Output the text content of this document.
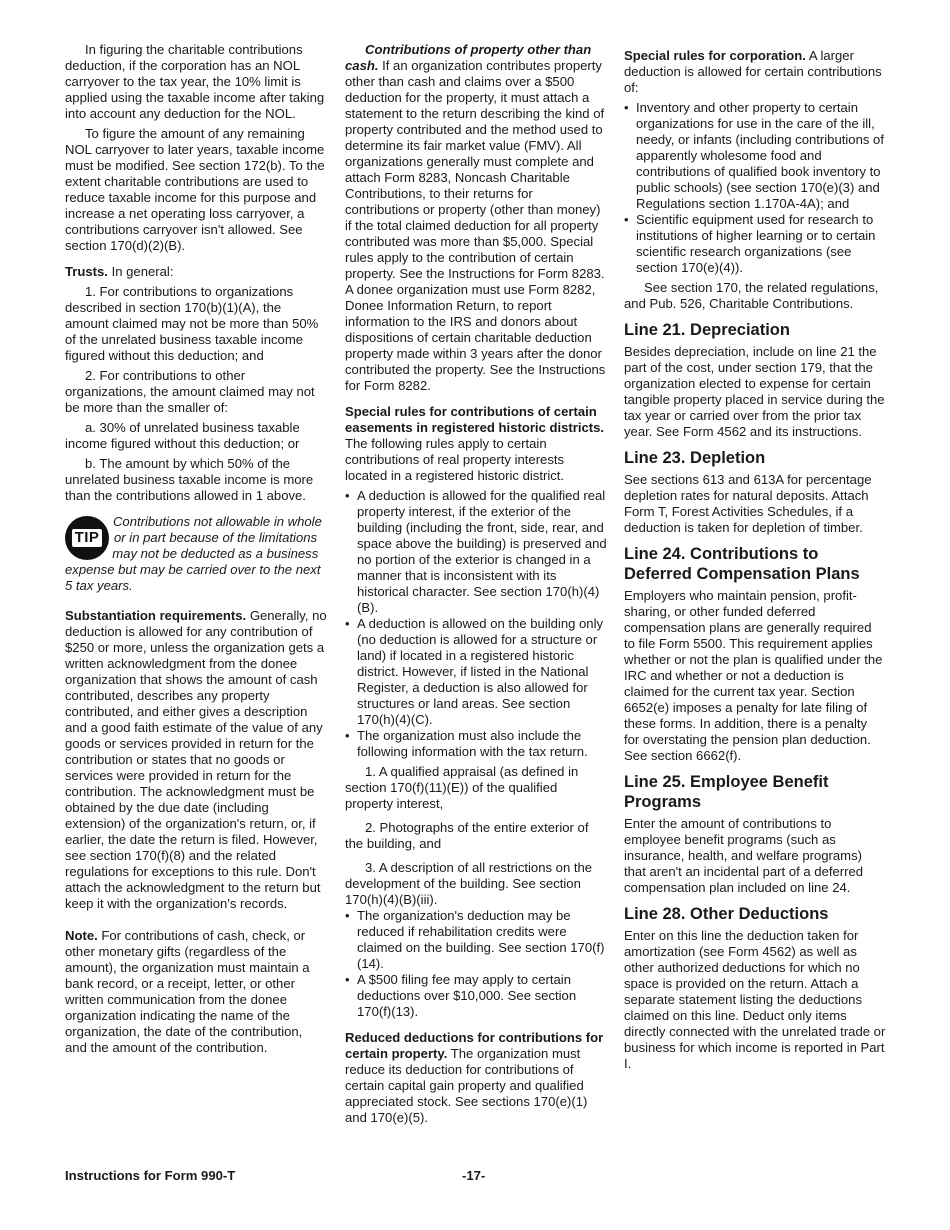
In figuring the charitable contributions deduction, if the corporation has an NOL carryover to the tax year, the 10% limit is applied using the taxable income after taking into account any deduction for the NOL.

To figure the amount of any remaining NOL carryover to later years, taxable income must be modified. See section 172(b). To the extent charitable contributions are used to reduce taxable income for this purpose and increase a net operating loss carryover, a contributions carryover isn't allowed. See section 170(d)(2)(B).

Trusts. In general:

1. For contributions to organizations described in section 170(b)(1)(A), the amount claimed may not be more than 50% of the unrelated business taxable income figured without this deduction; and

2. For contributions to other organizations, the amount claimed may not be more than the smaller of:

a. 30% of unrelated business taxable income figured without this deduction; or

b. The amount by which 50% of the unrelated business taxable income is more than the contributions allowed in 1 above.

TIP
Contributions not allowable in whole or in part because of the limitations may not be deducted as a business expense but may be carried over to the next 5 tax years.

Substantiation requirements. Generally, no deduction is allowed for any contribution of $250 or more, unless the organization gets a written acknowledgment from the donee organization that shows the amount of cash contributed, describes any property contributed, and either gives a description and a good faith estimate of the value of any goods or services provided in return for the contribution or states that no goods or services were provided in return for the contribution. The acknowledgment must be obtained by the due date (including extension) of the organization's return, or, if earlier, the date the return is filed. However, see section 170(f)(8) and the related regulations for exceptions to this rule. Don't attach the acknowledgment to the return but keep it with the organization's records.

Note. For contributions of cash, check, or other monetary gifts (regardless of the amount), the organization must maintain a bank record, or a receipt, letter, or other written communication from the donee organization indicating the name of the organization, the date of the contribution, and the amount of the contribution.

Contributions of property other than cash. If an organization contributes property other than cash and claims over a $500 deduction for the property, it must attach a statement to the return describing the kind of property contributed and the method used to determine its fair market value (FMV). All organizations generally must complete and attach Form 8283, Noncash Charitable Contributions, to their returns for contributions or property (other than money) if the total claimed deduction for all property contributed was more than $5,000. Special rules apply to the contribution of certain property. See the Instructions for Form 8283. A donee organization must use Form 8282, Donee Information Return, to report information to the IRS and donors about dispositions of certain charitable deduction property made within 3 years after the donor contributed the property. See the Instructions for Form 8282.

Special rules for contributions of certain easements in registered historic districts. The following rules apply to certain contributions of real property interests located in a registered historic district.

• A deduction is allowed for the qualified real property interest, if the exterior of the building (including the front, side, rear, and space above the building) is preserved and no portion of the exterior is changed in a manner that is inconsistent with its historical character. See section 170(h)(4)(B).
• A deduction is allowed on the building only (no deduction is allowed for a structure or land) if located in a registered historic district. However, if listed in the National Register, a deduction is also allowed for structures or land areas. See section 170(h)(4)(C).
• The organization must also include the following information with the tax return.

1. A qualified appraisal (as defined in section 170(f)(11)(E)) of the qualified property interest,

2. Photographs of the entire exterior of the building, and

3. A description of all restrictions on the development of the building. See section 170(h)(4)(B)(iii).

• The organization's deduction may be reduced if rehabilitation credits were claimed on the building. See section 170(f)(14).
• A $500 filing fee may apply to certain deductions over $10,000. See section 170(f)(13).

Reduced deductions for contributions for certain property. The organization must reduce its deduction for contributions of certain capital gain property and qualified appreciated stock. See sections 170(e)(1) and 170(e)(5).

Special rules for corporation. A larger deduction is allowed for certain contributions of:

• Inventory and other property to certain organizations for use in the care of the ill, needy, or infants (including contributions of apparently wholesome food and contributions of qualified book inventory to public schools) (see section 170(e)(3) and Regulations section 1.170A-4A); and
• Scientific equipment used for research to institutions of higher learning or to certain scientific research organizations (see section 170(e)(4)).

See section 170, the related regulations, and Pub. 526, Charitable Contributions.

Line 21. Depreciation

Besides depreciation, include on line 21 the part of the cost, under section 179, that the organization elected to expense for certain tangible property placed in service during the tax year or carried over from the prior tax year. See Form 4562 and its instructions.

Line 23. Depletion

See sections 613 and 613A for percentage depletion rates for natural deposits. Attach Form T, Forest Activities Schedules, if a deduction is taken for depletion of timber.

Line 24. Contributions to Deferred Compensation Plans

Employers who maintain pension, profit-sharing, or other funded deferred compensation plans are generally required to file Form 5500. This requirement applies whether or not the plan is qualified under the IRC and whether or not a deduction is claimed for the current tax year. Section 6652(e) imposes a penalty for late filing of these forms. In addition, there is a penalty for overstating the pension plan deduction. See section 6662(f).

Line 25. Employee Benefit Programs

Enter the amount of contributions to employee benefit programs (such as insurance, health, and welfare programs) that aren't an incidental part of a deferred compensation plan included on line 24.

Line 28. Other Deductions

Enter on this line the deduction taken for amortization (see Form 4562) as well as other authorized deductions for which no space is provided on the return. Attach a separate statement listing the deductions claimed on this line. Deduct only items directly connected with the unrelated trade or business for which income is reported in Part I.

Instructions for Form 990-T	-17-
